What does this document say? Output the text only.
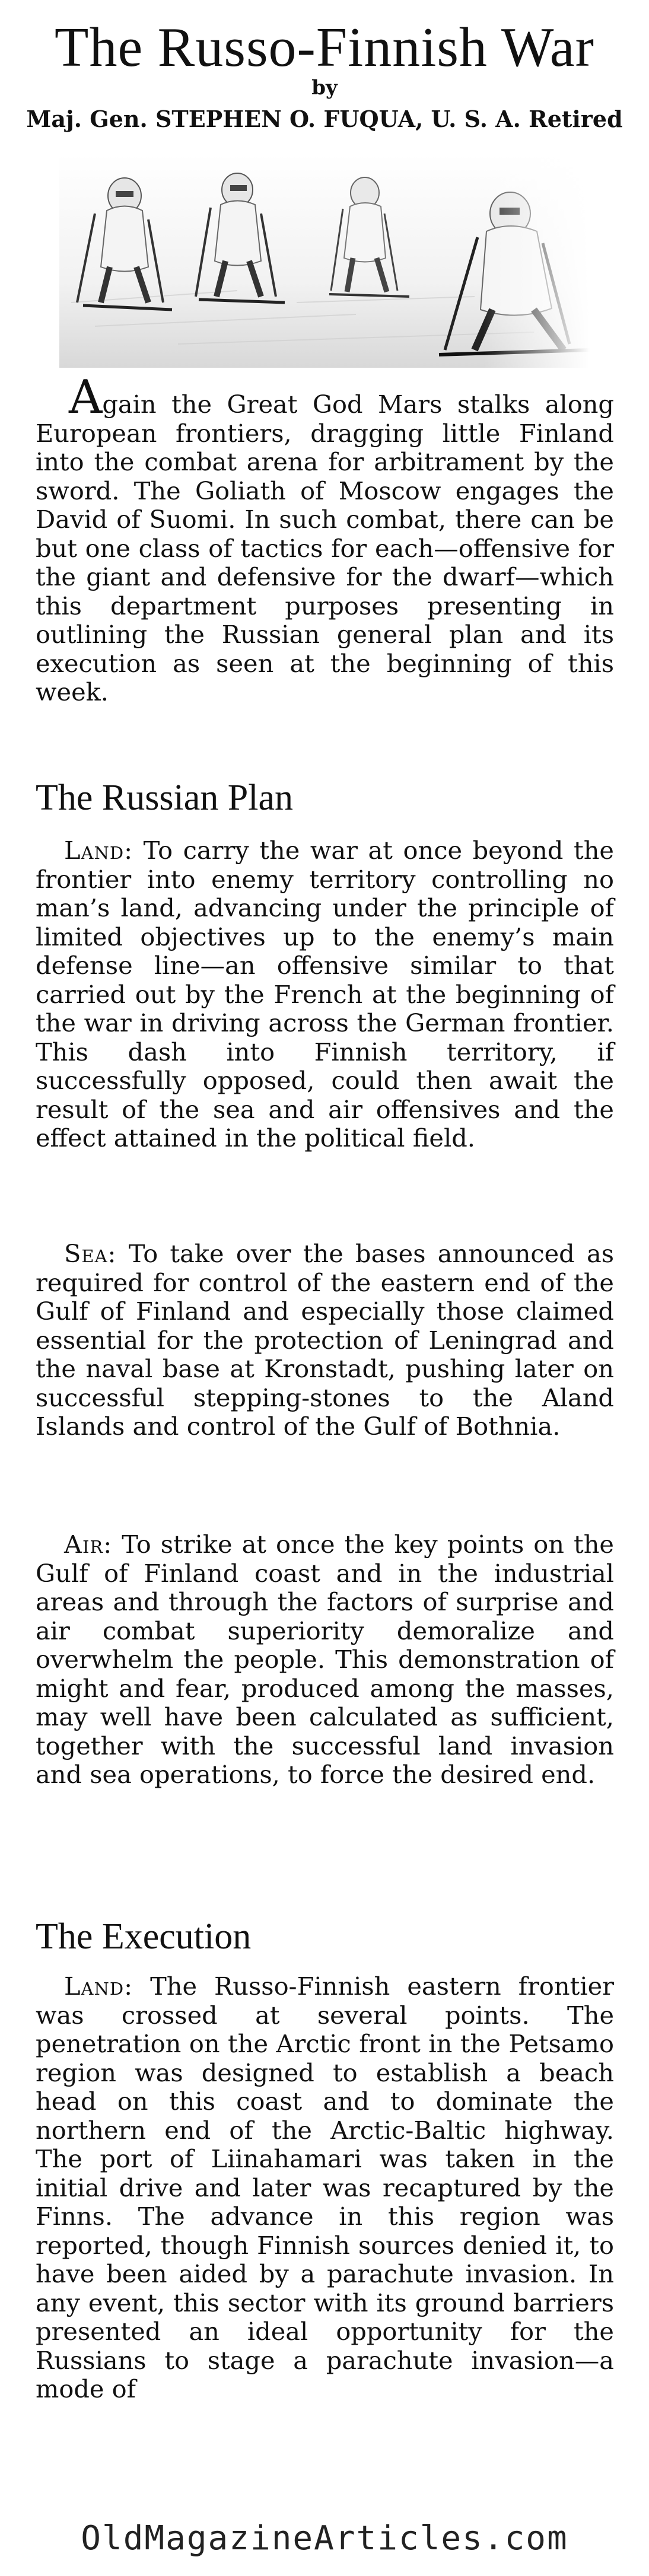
The Russo-Finnish War
by
Maj. Gen. STEPHEN O. FUQUA, U. S. A. Retired

Again the Great God Mars stalks along European frontiers, dragging little Finland into the combat arena for arbitrament by the sword. The Goliath of Moscow engages the David of Suomi. In such combat, there can be but one class of tactics for each—offensive for the giant and defensive for the dwarf—which this department purposes presenting in outlining the Russian general plan and its execution as seen at the beginning of this week.

The Russian Plan

Land: To carry the war at once beyond the frontier into enemy territory controlling no man’s land, advancing under the principle of limited objectives up to the enemy’s main defense line—an offensive similar to that carried out by the French at the beginning of the war in driving across the German frontier. This dash into Finnish territory, if successfully opposed, could then await the result of the sea and air offensives and the effect attained in the political field.

Sea: To take over the bases announced as required for control of the eastern end of the Gulf of Finland and especially those claimed essential for the protection of Leningrad and the naval base at Kronstadt, pushing later on successful stepping-stones to the Aland Islands and control of the Gulf of Bothnia.

Air: To strike at once the key points on the Gulf of Finland coast and in the industrial areas and through the factors of surprise and air combat superiority demoralize and overwhelm the people. This demonstration of might and fear, produced among the masses, may well have been calculated as sufficient, together with the successful land invasion and sea operations, to force the desired end.

The Execution

Land: The Russo-Finnish eastern frontier was crossed at several points. The penetration on the Arctic front in the Petsamo region was designed to establish a beach head on this coast and to dominate the northern end of the Arctic-Baltic highway. The port of Liinahamari was taken in the initial drive and later was recaptured by the Finns. The advance in this region was reported, though Finnish sources denied it, to have been aided by a parachute invasion. In any event, this sector with its ground barriers presented an ideal opportunity for the Russians to stage a parachute invasion—a mode of

OldMagazineArticles.com
